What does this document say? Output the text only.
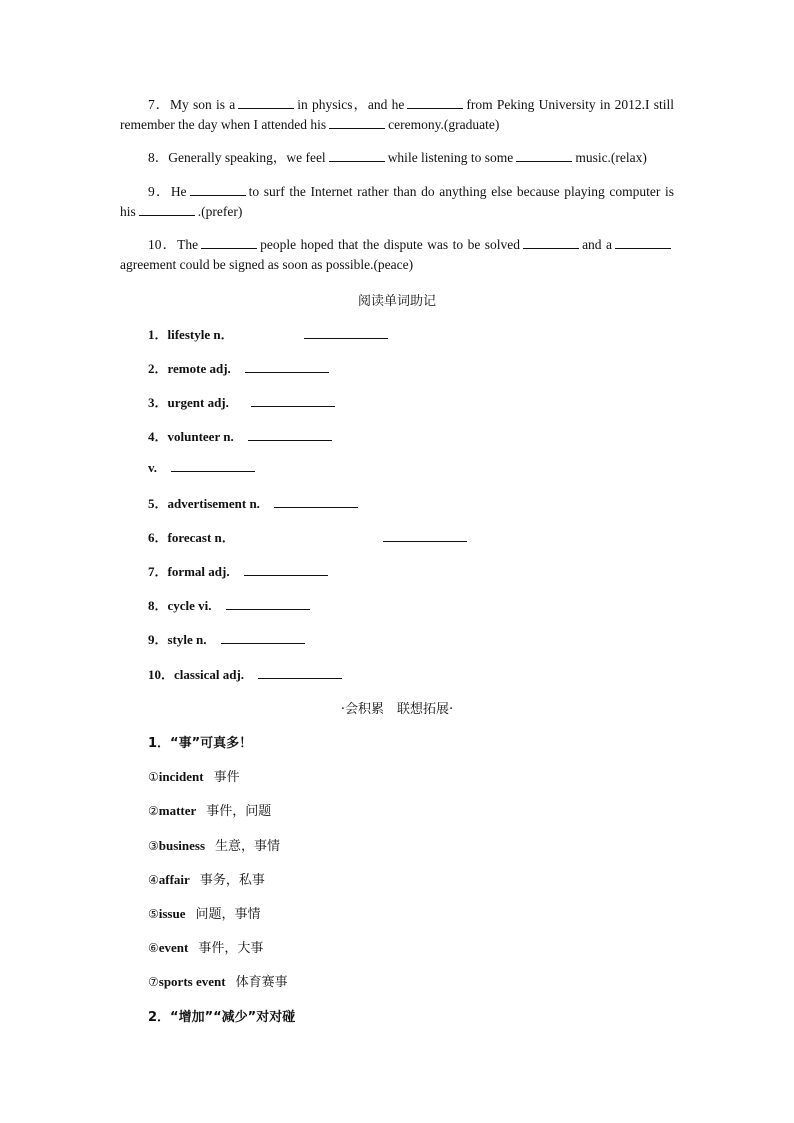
7．My son is a	in physics，and he	from Peking University in 2012.I still remember the day when I attended his	ceremony.(graduate)
8．Generally speaking，we feel	while listening to some	music.(relax)
9．He	to surf the Internet rather than do anything else because playing computer is his	.(prefer)
10．The	people hoped that the dispute was to be solved	and aagreement could be signed as soon as possible.(peace)
阅读单词助记
1．lifestyle n．
2．remote adj.
3．urgent adj.
4．volunteer n.
v.
5．advertisement n.
6．forecast n．
7．formal adj.
8．cycle vi.
9．style n.
10．classical adj.
·会积累　联想拓展·
1．“事”可真多！
①incident 事件
②matter 事件，问题
③business 生意，事情
④affair 事务，私事
⑤issue 问题，事情
⑥event 事件，大事
⑦sports event 体育赛事
2．“增加”“减少”对对碰
